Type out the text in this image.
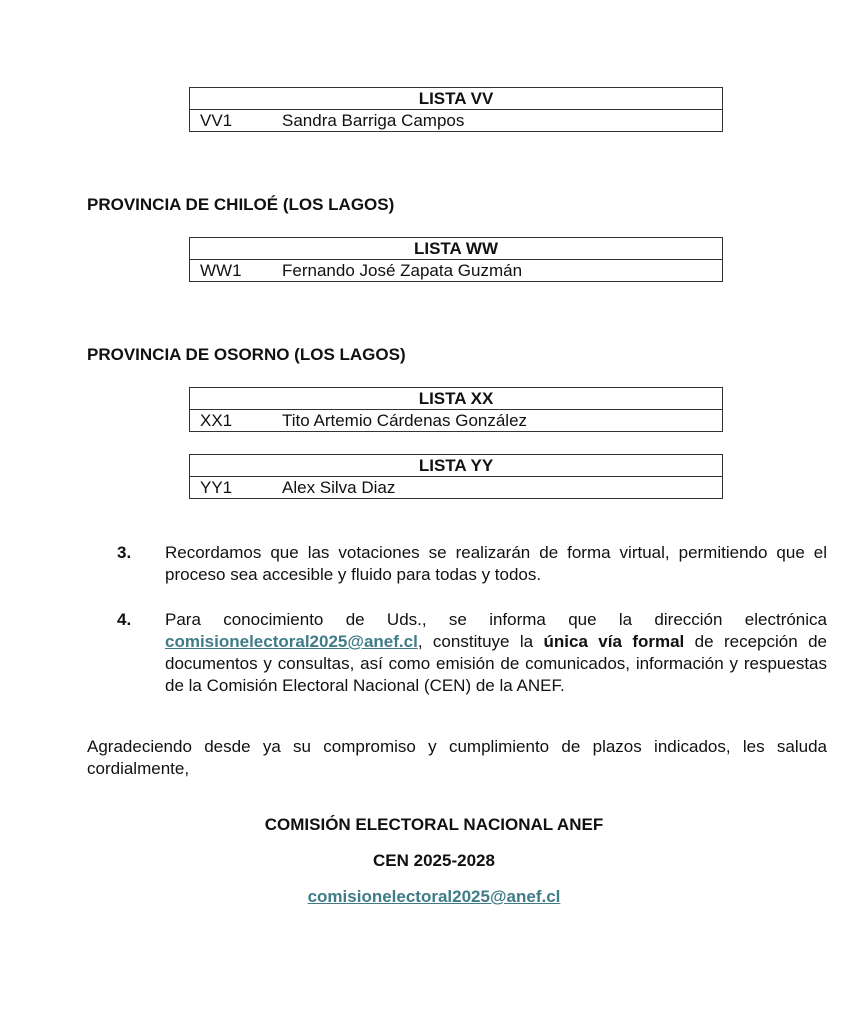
LISTA VV
VV1	Sandra Barriga Campos
PROVINCIA DE CHILOÉ (LOS LAGOS)
LISTA WW
WW1	Fernando José Zapata Guzmán
PROVINCIA DE OSORNO (LOS LAGOS)
LISTA XX
XX1	Tito Artemio Cárdenas González
LISTA YY
YY1	Alex Silva Diaz
3.	Recordamos que las votaciones se realizarán de forma virtual, permitiendo que el proceso sea accesible y fluido para todas y todos.
4.	Para conocimiento de Uds., se informa que la dirección electrónica comisionelectoral2025@anef.cl, constituye la única vía formal de recepción de documentos y consultas, así como emisión de comunicados, información y respuestas de la Comisión Electoral Nacional (CEN) de la ANEF.
Agradeciendo desde ya su compromiso y cumplimiento de plazos indicados, les saluda cordialmente,
COMISIÓN ELECTORAL NACIONAL ANEF
CEN 2025-2028
comisionelectoral2025@anef.cl
